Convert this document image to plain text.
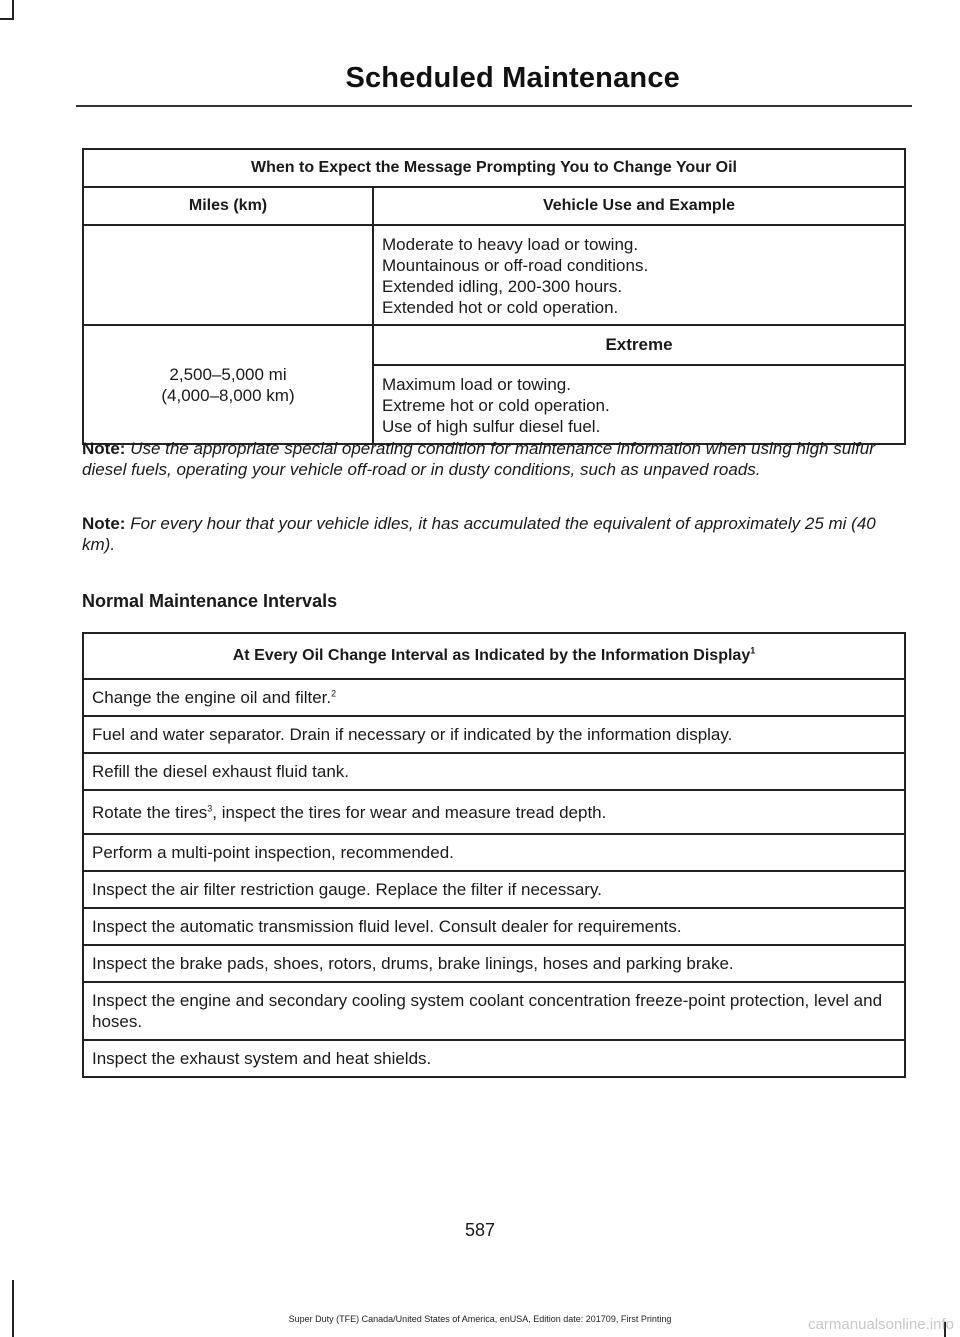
Scheduled Maintenance
When to Expect the Message Prompting You to Change Your Oil	
Miles (km)	Vehicle Use and Example

	Moderate to heavy load or towing.
Mountainous or off-road conditions.
Extended idling, 200-300 hours.
Extended hot or cold operation.

2,500–5,000 mi
(4,000–8,000 km)	Extreme

	Maximum load or towing.
Extreme hot or cold operation.
Use of high sulfur diesel fuel.
Note: Use the appropriate special operating condition for maintenance information when using high sulfur diesel fuels, operating your vehicle off-road or in dusty conditions, such as unpaved roads.
Note: For every hour that your vehicle idles, it has accumulated the equivalent of approximately 25 mi (40 km).
Normal Maintenance Intervals
At Every Oil Change Interval as Indicated by the Information Display$^1$
Change the engine oil and filter.$^2$
Fuel and water separator. Drain if necessary or if indicated by the information display.
Refill the diesel exhaust fluid tank.
Rotate the tires$^3$, inspect the tires for wear and measure tread depth.
Perform a multi-point inspection, recommended.
Inspect the air filter restriction gauge. Replace the filter if necessary.
Inspect the automatic transmission fluid level. Consult dealer for requirements.
Inspect the brake pads, shoes, rotors, drums, brake linings, hoses and parking brake.
Inspect the engine and secondary cooling system coolant concentration freeze-point protection, level and hoses.
Inspect the exhaust system and heat shields.
587
Super Duty (TFE) Canada/United States of America, enUSA, Edition date: 201709, First Printing	carmanualsonline.info
